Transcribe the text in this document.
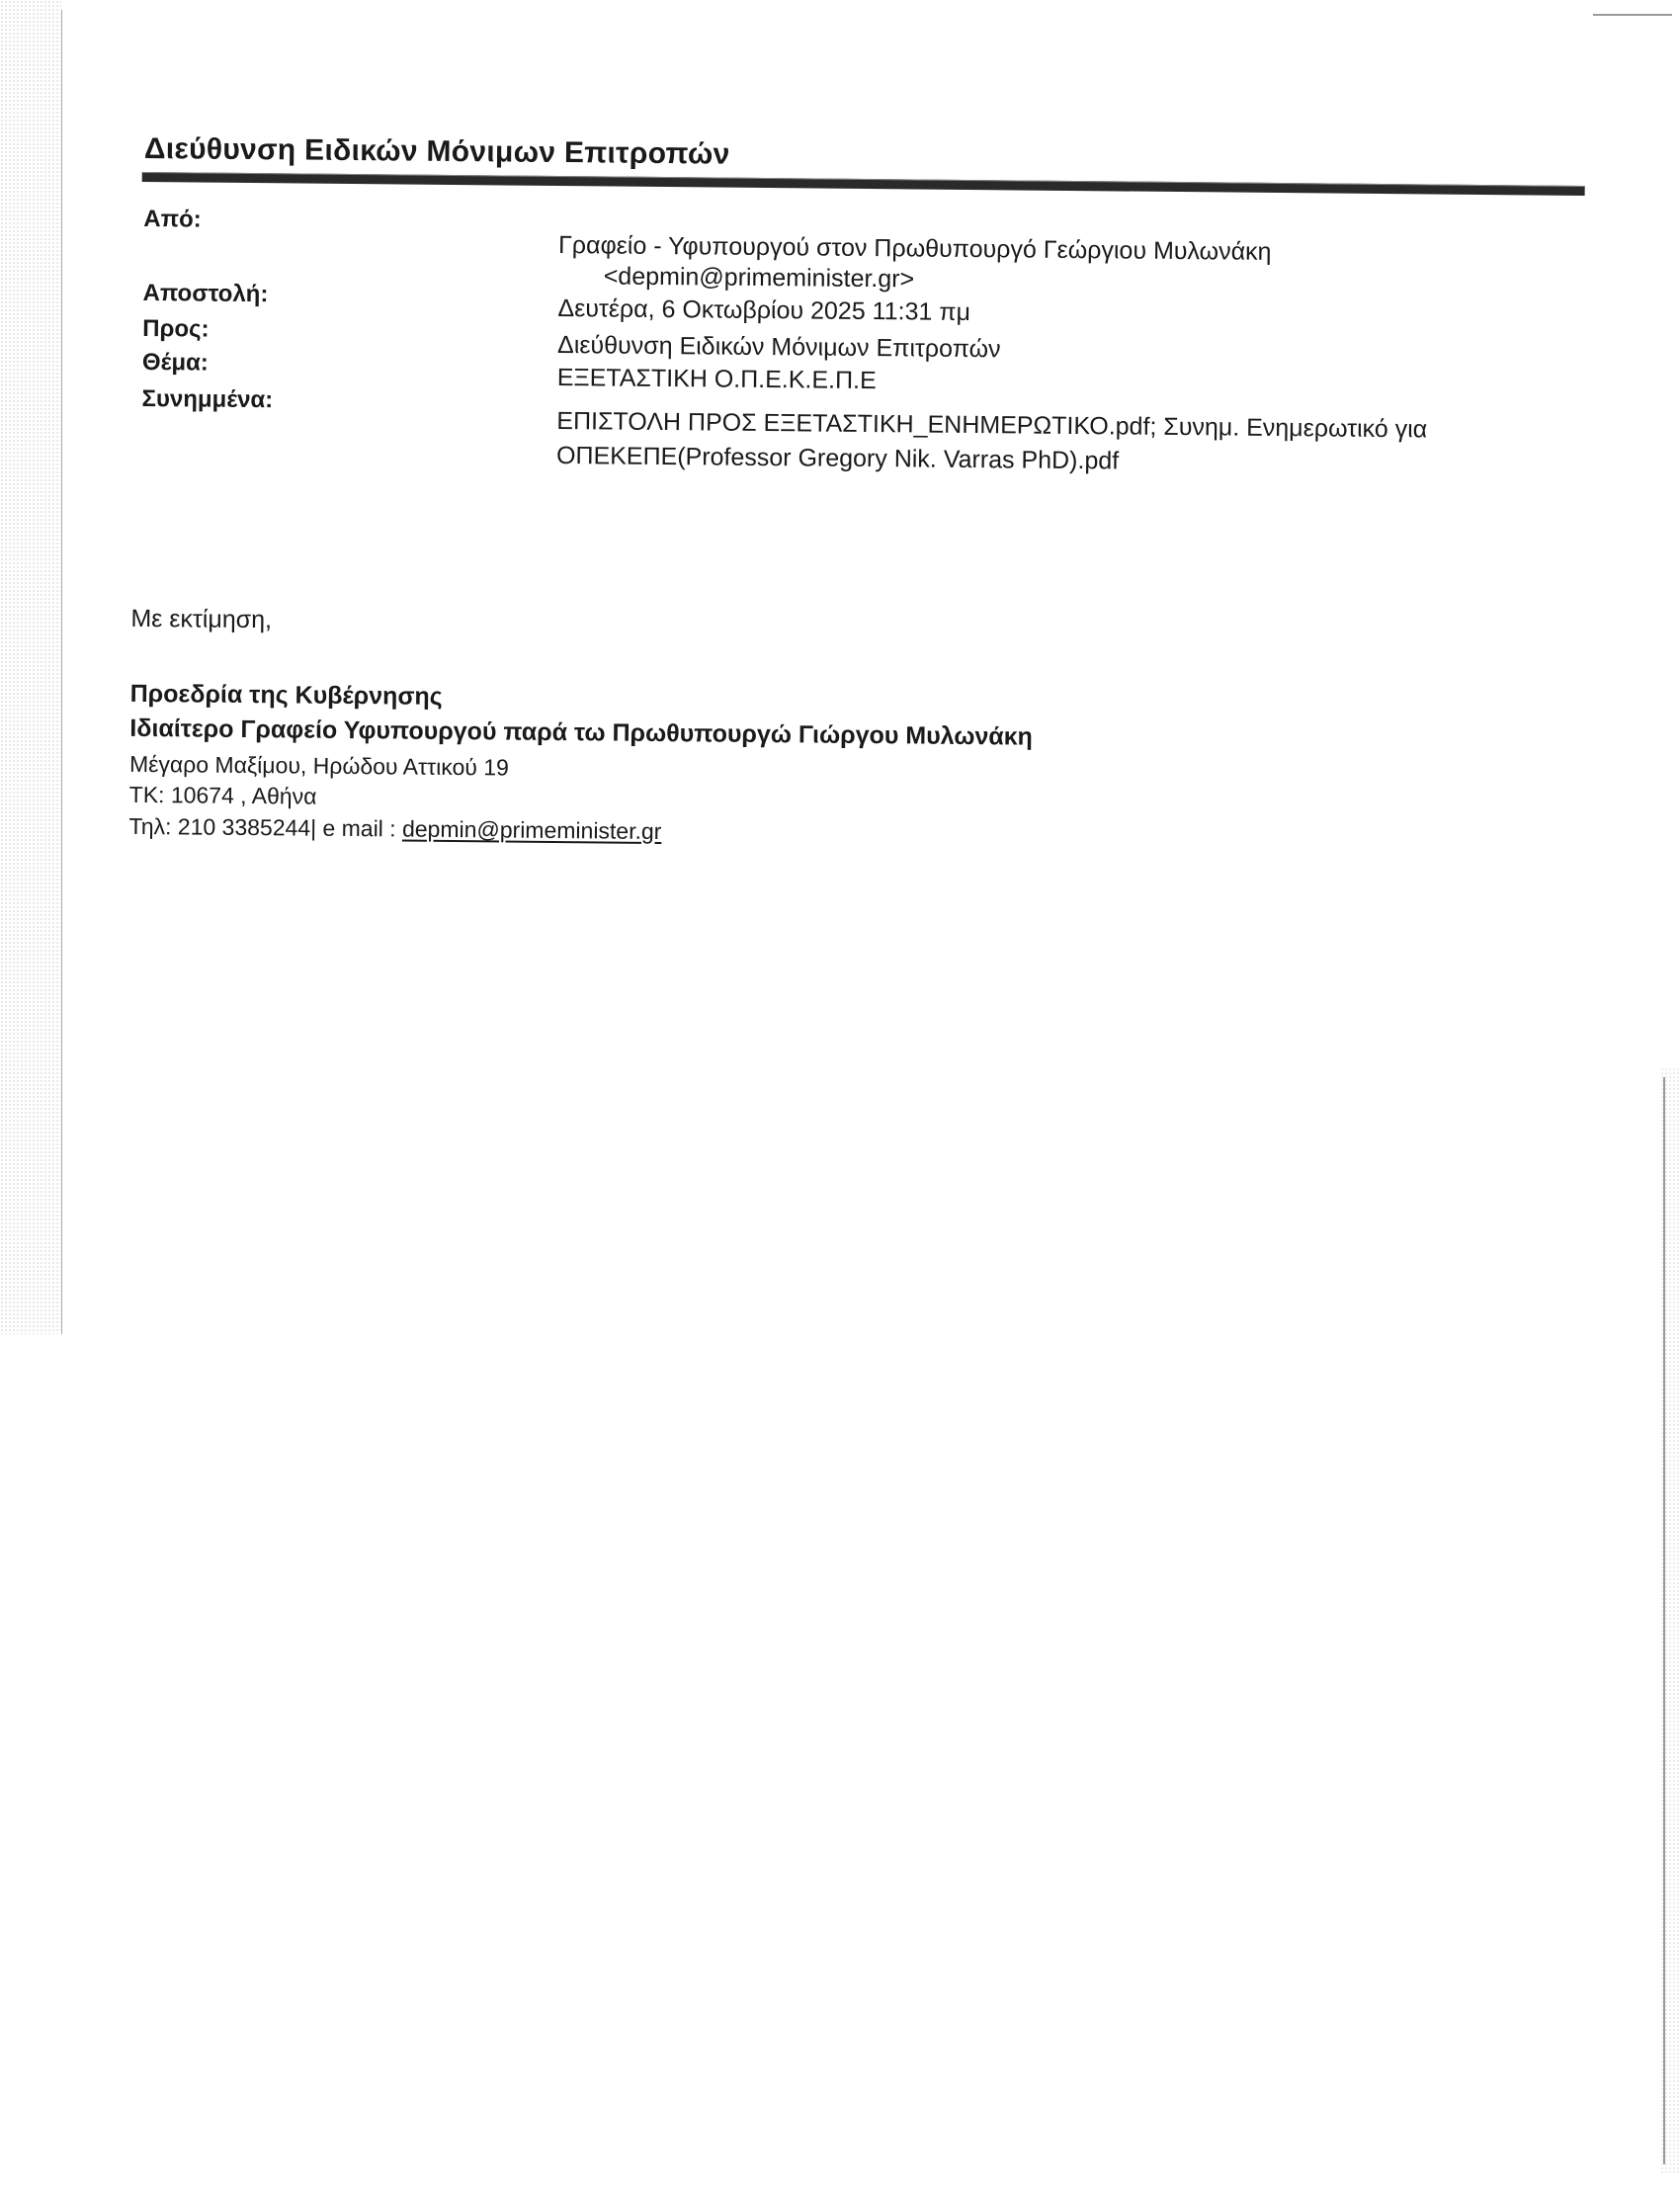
Διεύθυνση Ειδικών Μόνιμων Επιτροπών
Από:
Γραφείο - Υφυπουργού στον Πρωθυπουργό Γεώργιου Μυλωνάκη
<depmin@primeminister.gr>
Αποστολή:
Δευτέρα, 6 Οκτωβρίου 2025 11:31 πμ
Προς:
Διεύθυνση Ειδικών Μόνιμων Επιτροπών
Θέμα:
ΕΞΕΤΑΣΤΙΚΗ Ο.Π.Ε.Κ.Ε.Π.Ε
Συνημμένα:
ΕΠΙΣΤΟΛΗ ΠΡΟΣ ΕΞΕΤΑΣΤΙΚΗ_ΕΝΗΜΕΡΩΤΙΚΟ.pdf; Συνημ. Ενημερωτικό για
ΟΠΕΚΕΠΕ(Professor Gregory Nik. Varras PhD).pdf
Με εκτίμηση,
Προεδρία της Κυβέρνησης
Ιδιαίτερο Γραφείο Υφυπουργού παρά τω Πρωθυπουργώ Γιώργου Μυλωνάκη
Μέγαρο Μαξίμου, Ηρώδου Αττικού 19
ΤΚ: 10674 , Αθήνα
Τηλ: 210 3385244| e mail : depmin@primeminister.gr
